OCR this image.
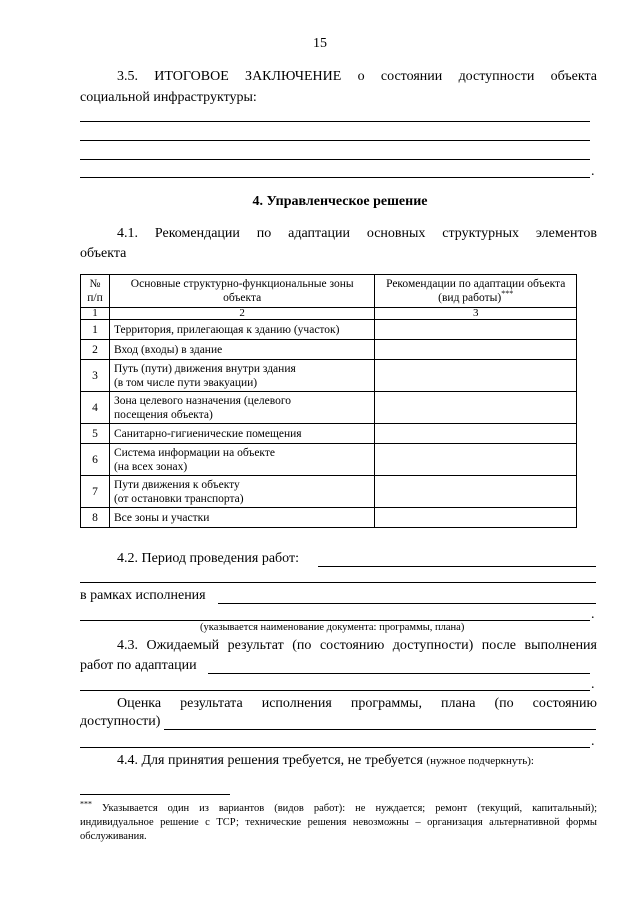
15
3.5. ИТОГОВОЕ ЗАКЛЮЧЕНИЕ о состоянии доступности объекта
социальной инфраструктуры:
.
4. Управленческое решение
4.1. Рекомендации по адаптации основных структурных элементов
объекта
№ п/п	Основные структурно-функциональные зоны объекта	Рекомендации по адаптации объекта (вид работы)***
1	2	3
1	Территория, прилегающая к зданию (участок)	
2	Вход (входы) в здание	
3	Путь (пути) движения внутри здания
(в том числе пути эвакуации)	

4	Зона целевого назначения (целевого
посещения объекта)	

5	Санитарно-гигиенические помещения	
6	Система информации на объекте
(на всех зонах)	

7	Пути движения к объекту
(от остановки транспорта)	

8	Все зоны и участки	
4.2. Период проведения работ:
в рамках исполнения
.
(указывается наименование документа: программы, плана)
4.3. Ожидаемый результат (по состоянию доступности) после выполнения
работ по адаптации
.
Оценка результата исполнения программы, плана (по состоянию
доступности)
.
4.4. Для принятия решения требуется, не требуется (нужное подчеркнуть):
*** Указывается один из вариантов (видов работ): не нуждается; ремонт (текущий, капитальный);
индивидуальное решение с ТСР; технические решения невозможны – организация альтернативной формы
обслуживания.
